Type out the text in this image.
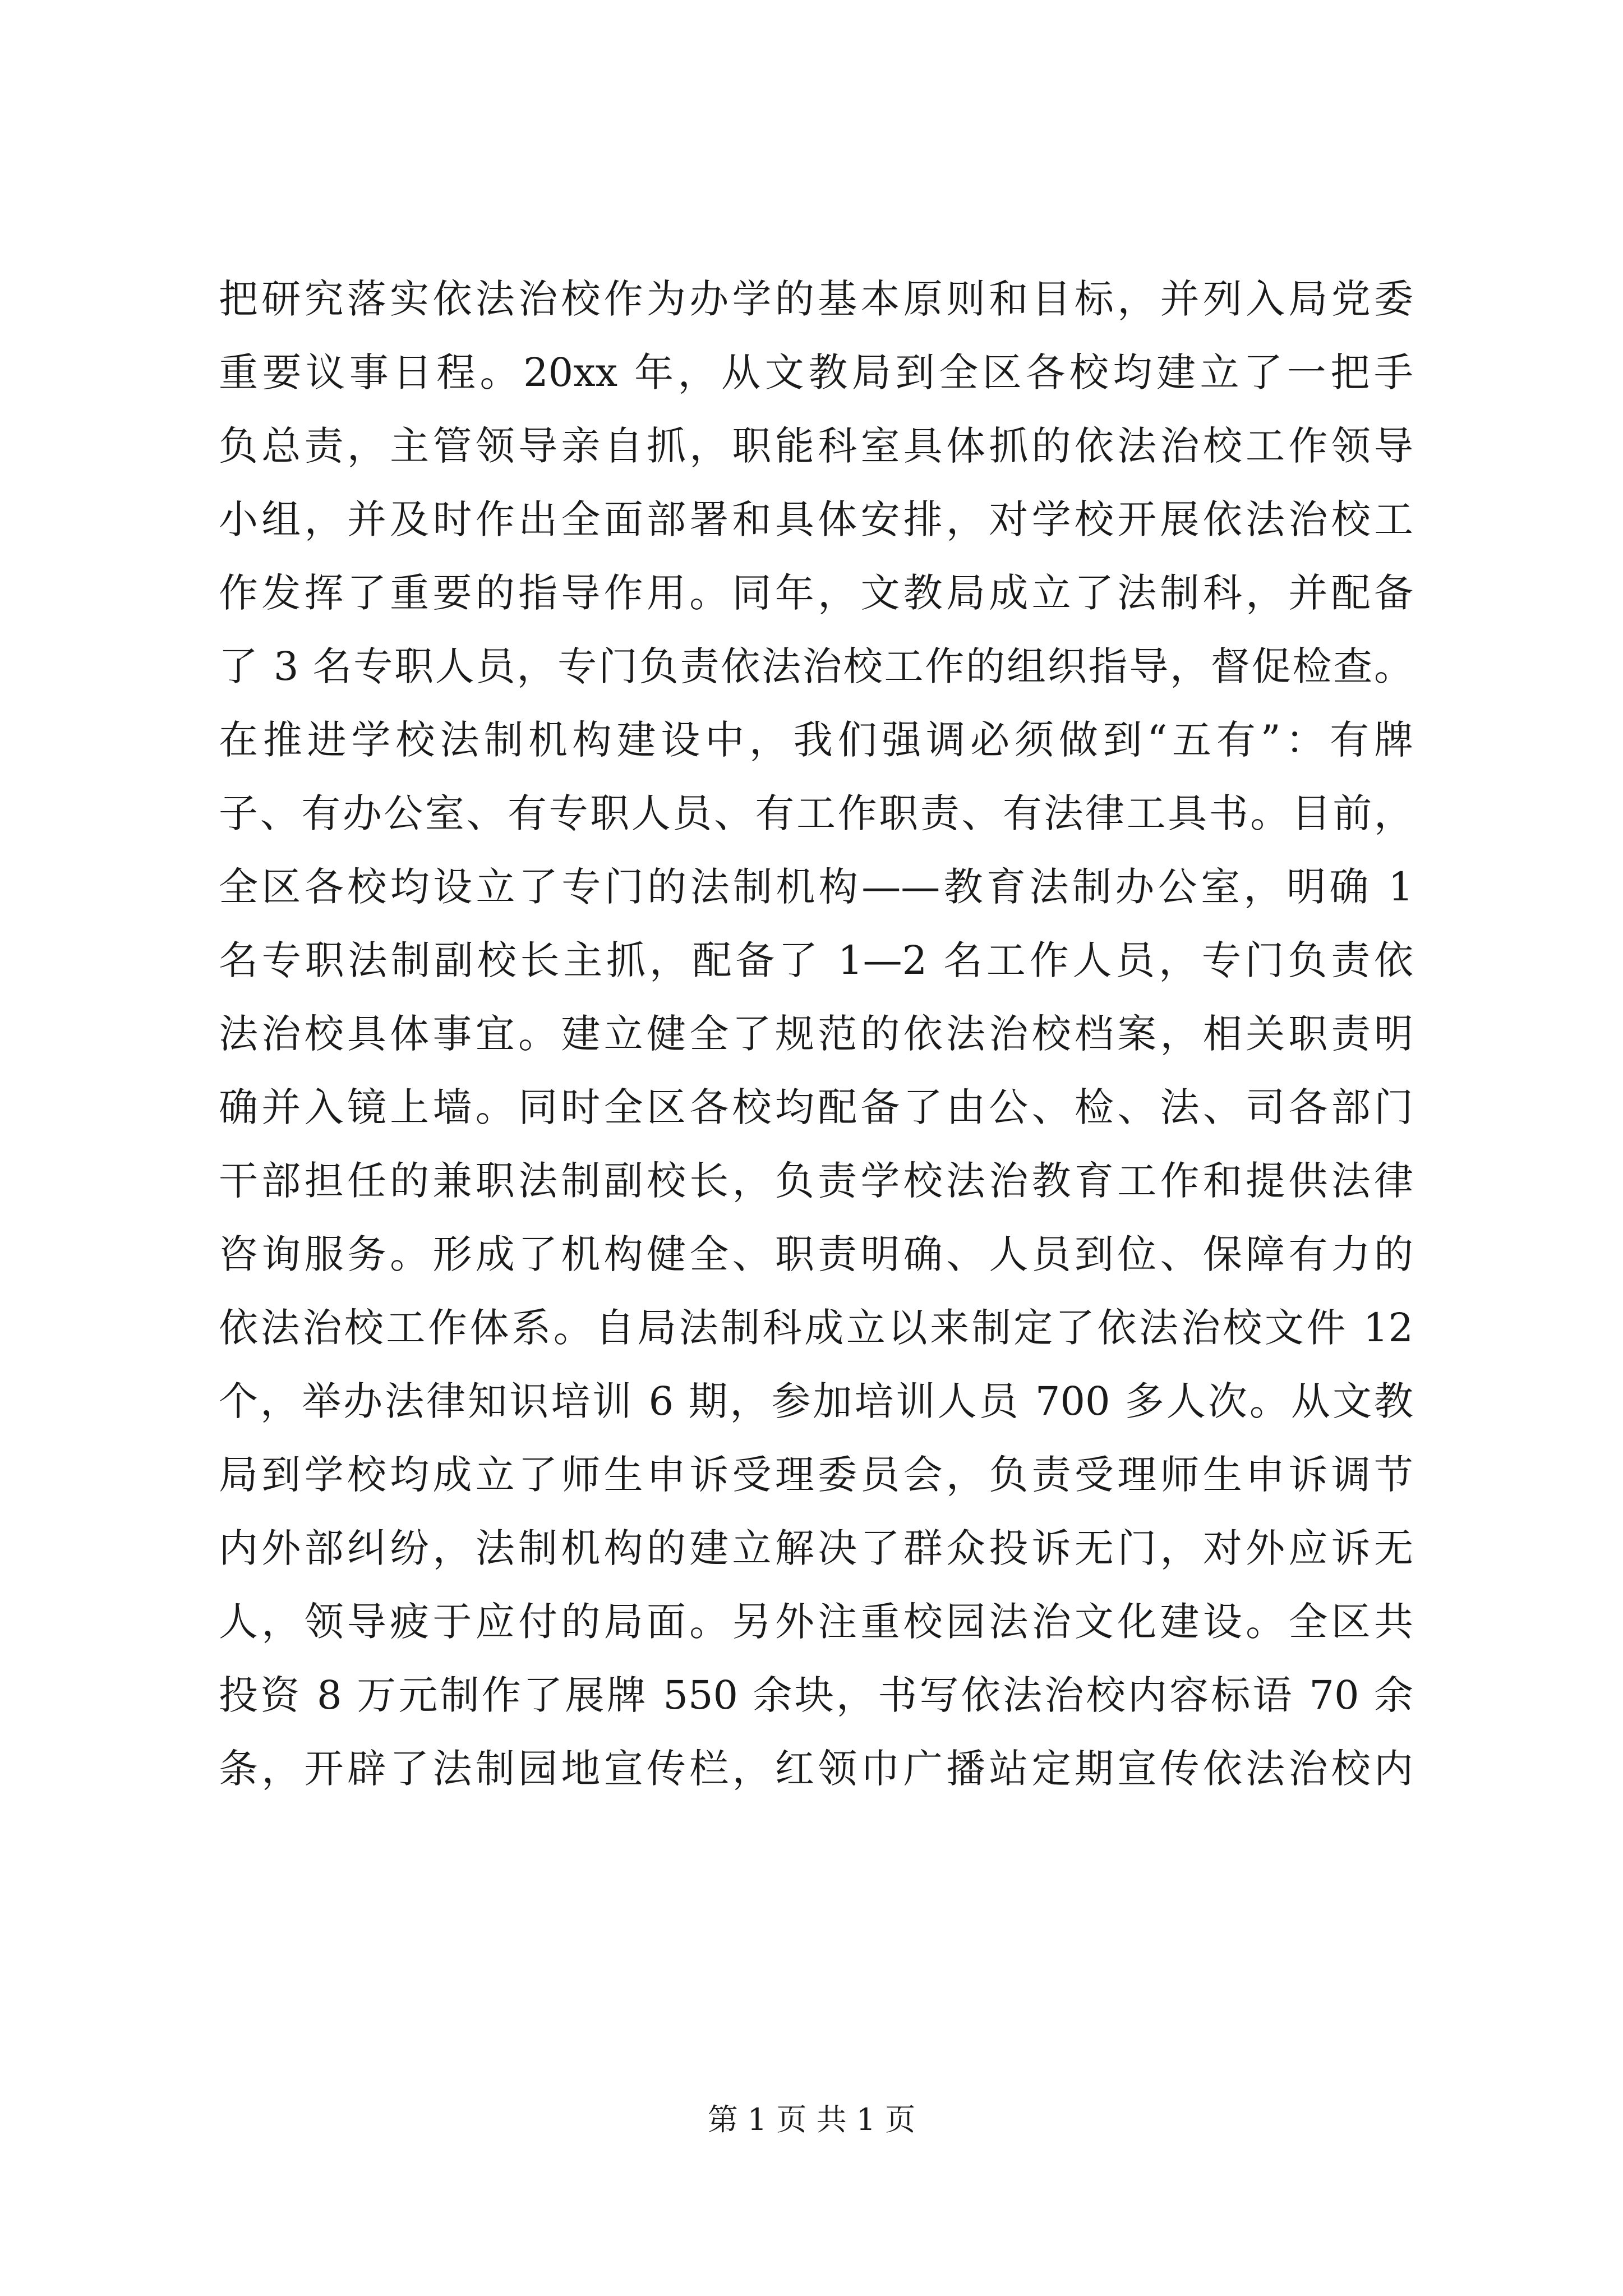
把研究落实依法治校作为办学的基本原则和目标，并列入局党委
重要议事日程。20xx 年，从文教局到全区各校均建立了一把手
负总责，主管领导亲自抓，职能科室具体抓的依法治校工作领导
小组，并及时作出全面部署和具体安排，对学校开展依法治校工
作发挥了重要的指导作用。同年，文教局成立了法制科，并配备
了 3 名专职人员，专门负责依法治校工作的组织指导，督促检查。
在推进学校法制机构建设中，我们强调必须做到“五有”：有牌
子、有办公室、有专职人员、有工作职责、有法律工具书。目前，
全区各校均设立了专门的法制机构——教育法制办公室，明确 1
名专职法制副校长主抓，配备了 1—2 名工作人员，专门负责依
法治校具体事宜。建立健全了规范的依法治校档案，相关职责明
确并入镜上墙。同时全区各校均配备了由公、检、法、司各部门
干部担任的兼职法制副校长，负责学校法治教育工作和提供法律
咨询服务。形成了机构健全、职责明确、人员到位、保障有力的
依法治校工作体系。自局法制科成立以来制定了依法治校文件 12
个，举办法律知识培训 6 期，参加培训人员 700 多人次。从文教
局到学校均成立了师生申诉受理委员会，负责受理师生申诉调节
内外部纠纷，法制机构的建立解决了群众投诉无门，对外应诉无
人，领导疲于应付的局面。另外注重校园法治文化建设。全区共
投资 8 万元制作了展牌 550 余块，书写依法治校内容标语 70 余
条，开辟了法制园地宣传栏，红领巾广播站定期宣传依法治校内
第 1 页 共 1 页
